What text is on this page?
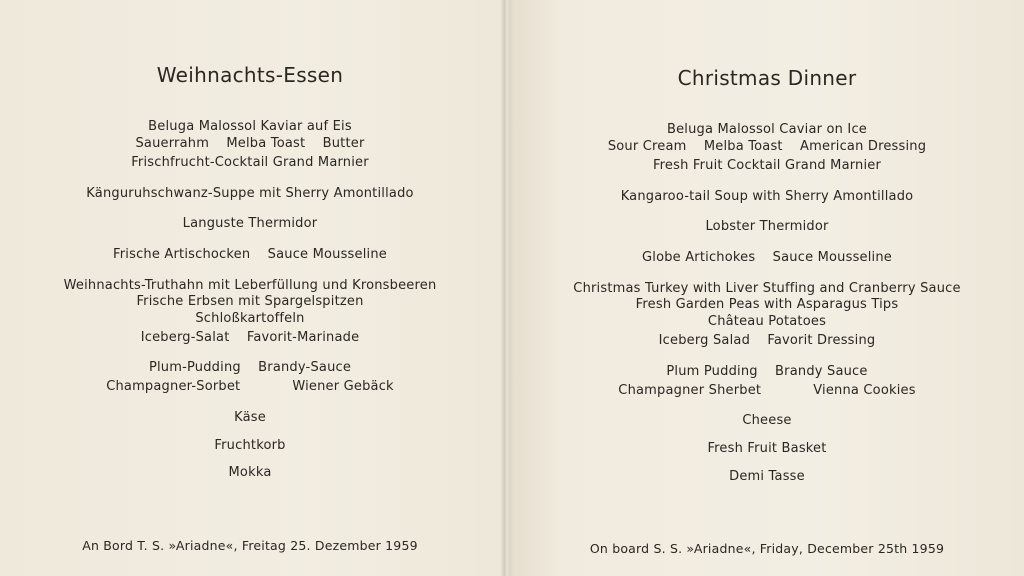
Weihnachts-Essen
Beluga Malossol Kaviar auf Eis
Sauerrahm    Melba Toast    Butter
Frischfrucht-Cocktail Grand Marnier
Känguruhschwanz-Suppe mit Sherry Amontillado
Languste Thermidor
Frische Artischocken    Sauce Mousseline
Weihnachts-Truthahn mit Leberfüllung und Kronsbeeren
Frische Erbsen mit Spargelspitzen
Schloßkartoffeln
Iceberg-Salat    Favorit-Marinade
Plum-Pudding    Brandy-Sauce
Champagner-Sorbet            Wiener Gebäck
Käse
Fruchtkorb
Mokka
An Bord T. S. »Ariadne«, Freitag 25. Dezember 1959
Christmas Dinner
Beluga Malossol Caviar on Ice
Sour Cream    Melba Toast    American Dressing
Fresh Fruit Cocktail Grand Marnier
Kangaroo-tail Soup with Sherry Amontillado
Lobster Thermidor
Globe Artichokes    Sauce Mousseline
Christmas Turkey with Liver Stuffing and Cranberry Sauce
Fresh Garden Peas with Asparagus Tips
Château Potatoes
Iceberg Salad    Favorit Dressing
Plum Pudding    Brandy Sauce
Champagner Sherbet            Vienna Cookies
Cheese
Fresh Fruit Basket
Demi Tasse
On board S. S. »Ariadne«, Friday, December 25th 1959
